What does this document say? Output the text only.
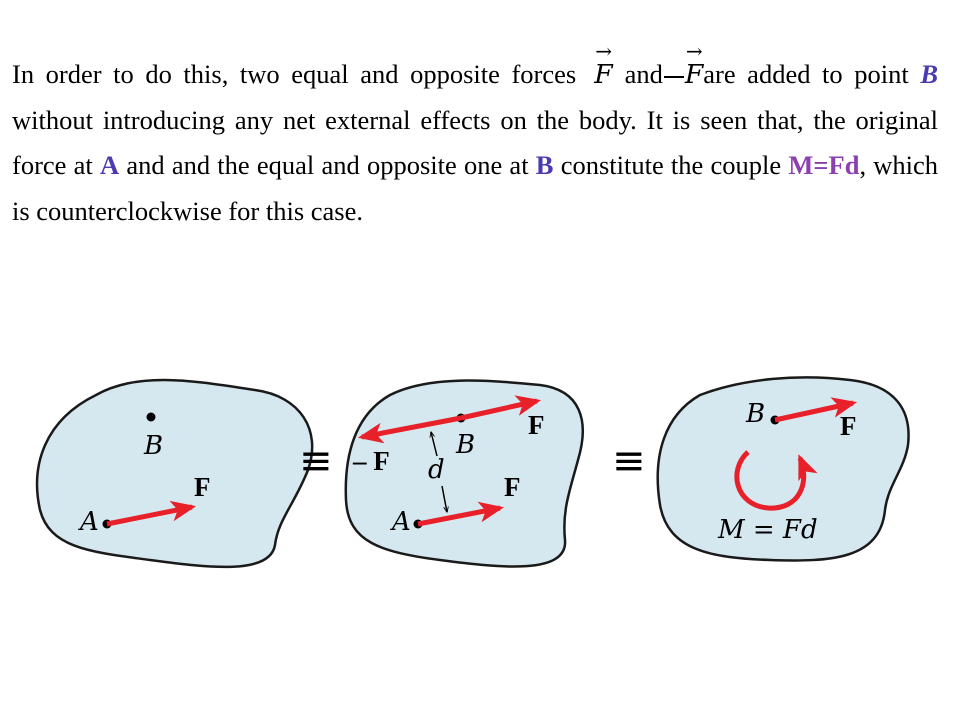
In order to do this, two equal and opposite forces
→
F and
→
Fare added to point B without introducing any net external effects on the body. It is seen that, the original force at A and and the equal and opposite one at B constitute the couple M=Fd, which is counterclockwise for this case.
B
F
A
≡
F
– F
B
d
F
A
≡
B	F
M = Fd
